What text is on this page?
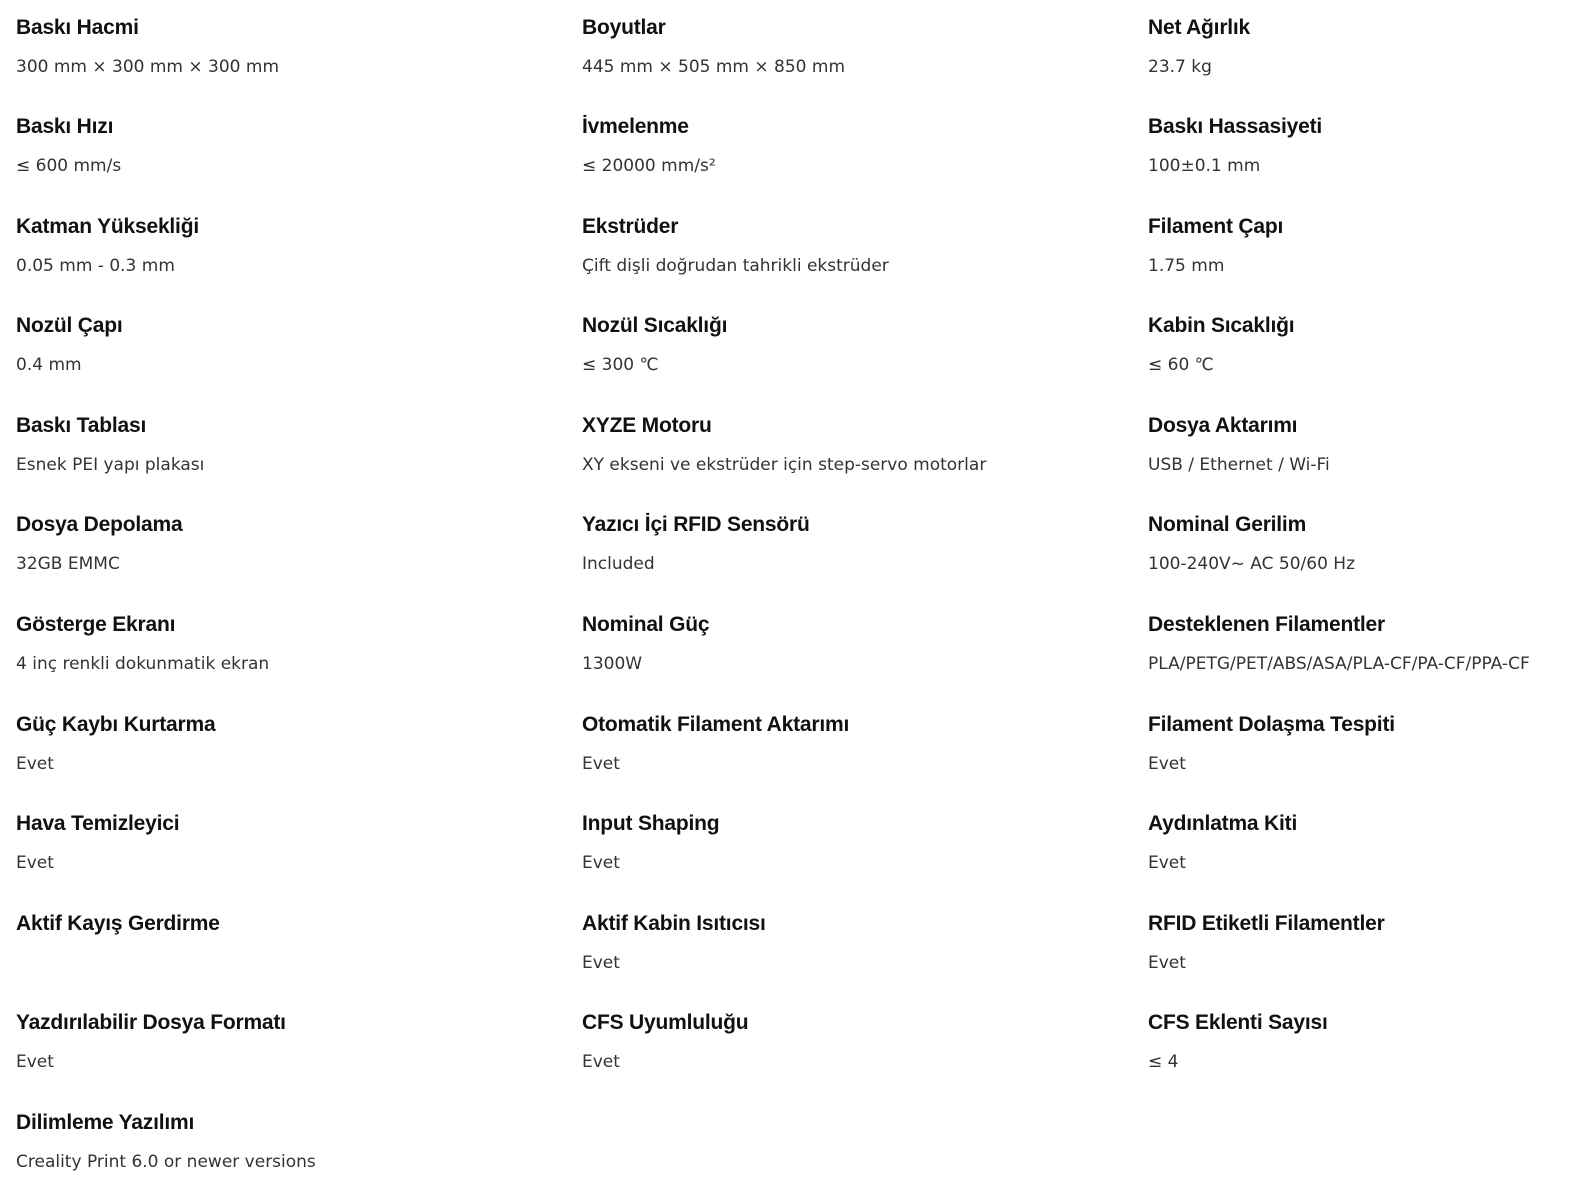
Baskı Hacmi
300 mm × 300 mm × 300 mm
Boyutlar
445 mm × 505 mm × 850 mm
Net Ağırlık
23.7 kg
Baskı Hızı
≤ 600 mm/s
İvmelenme
≤ 20000 mm/s²
Baskı Hassasiyeti
100±0.1 mm
Katman Yüksekliği
0.05 mm - 0.3 mm
Ekstrüder
Çift dişli doğrudan tahrikli ekstrüder
Filament Çapı
1.75 mm
Nozül Çapı
0.4 mm
Nozül Sıcaklığı
≤ 300 ℃
Kabin Sıcaklığı
≤ 60 ℃
Baskı Tablası
Esnek PEI yapı plakası
XYZE Motoru
XY ekseni ve ekstrüder için step-servo motorlar
Dosya Aktarımı
USB / Ethernet / Wi-Fi
Dosya Depolama
32GB EMMC
Yazıcı İçi RFID Sensörü
Included
Nominal Gerilim
100-240V~ AC 50/60 Hz
Gösterge Ekranı
4 inç renkli dokunmatik ekran
Nominal Güç
1300W
Desteklenen Filamentler
PLA/PETG/PET/ABS/ASA/PLA-CF/PA-CF/PPA-CF
Güç Kaybı Kurtarma
Evet
Otomatik Filament Aktarımı
Evet
Filament Dolaşma Tespiti
Evet
Hava Temizleyici
Evet
Input Shaping
Evet
Aydınlatma Kiti
Evet
Aktif Kayış Gerdirme	Aktif Kabin Isıtıcısı
Evet
RFID Etiketli Filamentler
Evet
Yazdırılabilir Dosya Formatı
Evet
CFS Uyumluluğu
Evet
CFS Eklenti Sayısı
≤ 4
Dilimleme Yazılımı
Creality Print 6.0 or newer versions
